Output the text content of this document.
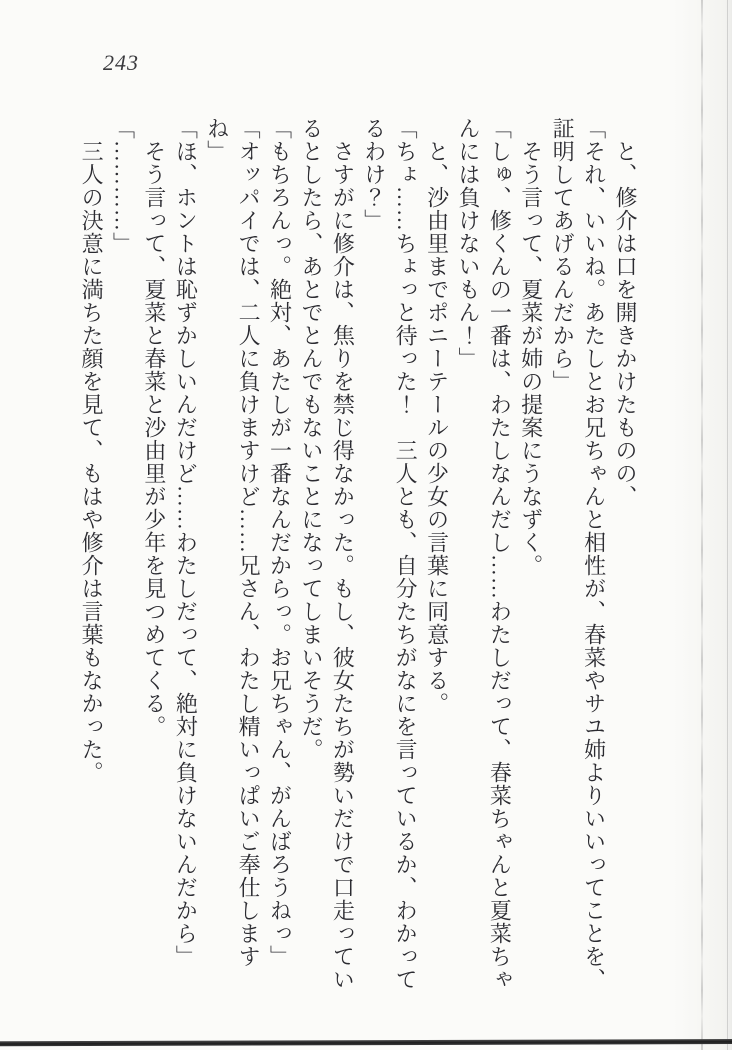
243

と、修介は口を開きかけたものの、

「それ、いいね。あたしとお兄ちゃんと相性が、春菜やサユ姉よりいいってことを、証明してあげるんだから」

そう言って、夏菜が姉の提案にうなずく。

「しゅ、修くんの一番は、わたしなんだし……わたしだって、春菜ちゃんと夏菜ちゃんには負けないもん！」

と、沙由里までポニーテールの少女の言葉に同意する。

「ちょ……ちょっと待った！　三人とも、自分たちがなにを言っているか、わかってるわけ？」

さすがに修介は、焦りを禁じ得なかった。もし、彼女たちが勢いだけで口走っているとしたら、あとでとんでもないことになってしまいそうだ。

「もちろんっ。絶対、あたしが一番なんだからっ。お兄ちゃん、がんばろうねっ」

「オッパイでは、二人に負けますけど……兄さん、わたし精いっぱいご奉仕しますね」

「ほ、ホントは恥ずかしいんだけど……わたしだって、絶対に負けないんだから」

そう言って、夏菜と春菜と沙由里が少年を見つめてくる。

「…………」

三人の決意に満ちた顔を見て、もはや修介は言葉もなかった。
